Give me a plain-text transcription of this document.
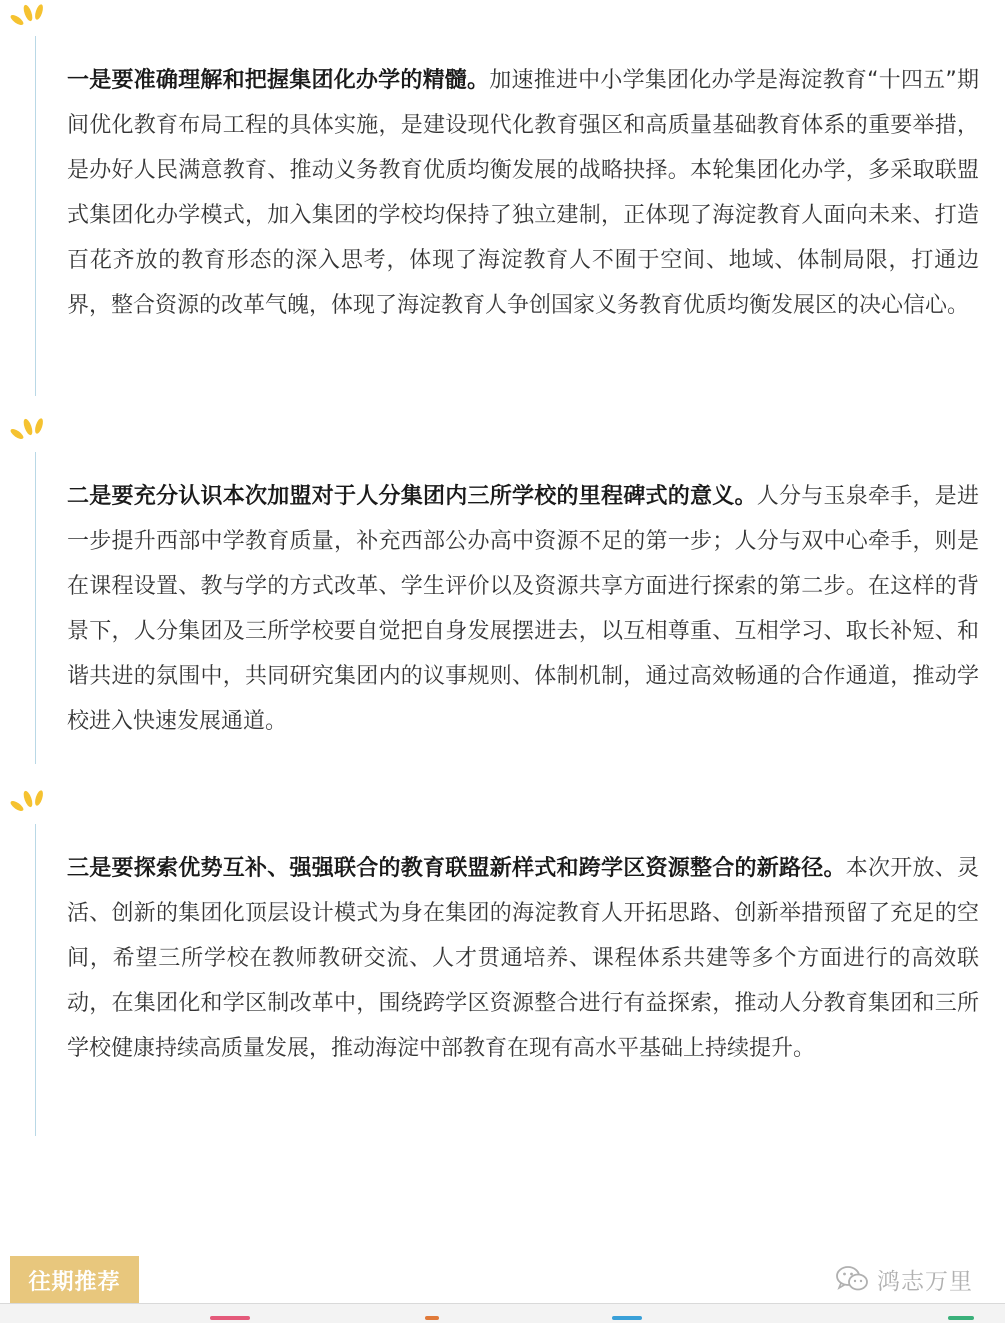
一是要准确理解和把握集团化办学的精髓。加速推进中小学集团化办学是海淀教育“十四五”期间优化教育布局工程的具体实施，是建设现代化教育强区和高质量基础教育体系的重要举措，是办好人民满意教育、推动义务教育优质均衡发展的战略抉择。本轮集团化办学，多采取联盟式集团化办学模式，加入集团的学校均保持了独立建制，正体现了海淀教育人面向未来、打造百花齐放的教育形态的深入思考，体现了海淀教育人不囿于空间、地域、体制局限，打通边界，整合资源的改革气魄，体现了海淀教育人争创国家义务教育优质均衡发展区的决心信心。

二是要充分认识本次加盟对于人分集团内三所学校的里程碑式的意义。人分与玉泉牵手，是进一步提升西部中学教育质量，补充西部公办高中资源不足的第一步；人分与双中心牵手，则是在课程设置、教与学的方式改革、学生评价以及资源共享方面进行探索的第二步。在这样的背景下，人分集团及三所学校要自觉把自身发展摆进去，以互相尊重、互相学习、取长补短、和谐共进的氛围中，共同研究集团内的议事规则、体制机制，通过高效畅通的合作通道，推动学校进入快速发展通道。

三是要探索优势互补、强强联合的教育联盟新样式和跨学区资源整合的新路径。本次开放、灵活、创新的集团化顶层设计模式为身在集团的海淀教育人开拓思路、创新举措预留了充足的空间，希望三所学校在教师教研交流、人才贯通培养、课程体系共建等多个方面进行的高效联动，在集团化和学区制改革中，围绕跨学区资源整合进行有益探索，推动人分教育集团和三所学校健康持续高质量发展，推动海淀中部教育在现有高水平基础上持续提升。

往期推荐	鸿志万里
